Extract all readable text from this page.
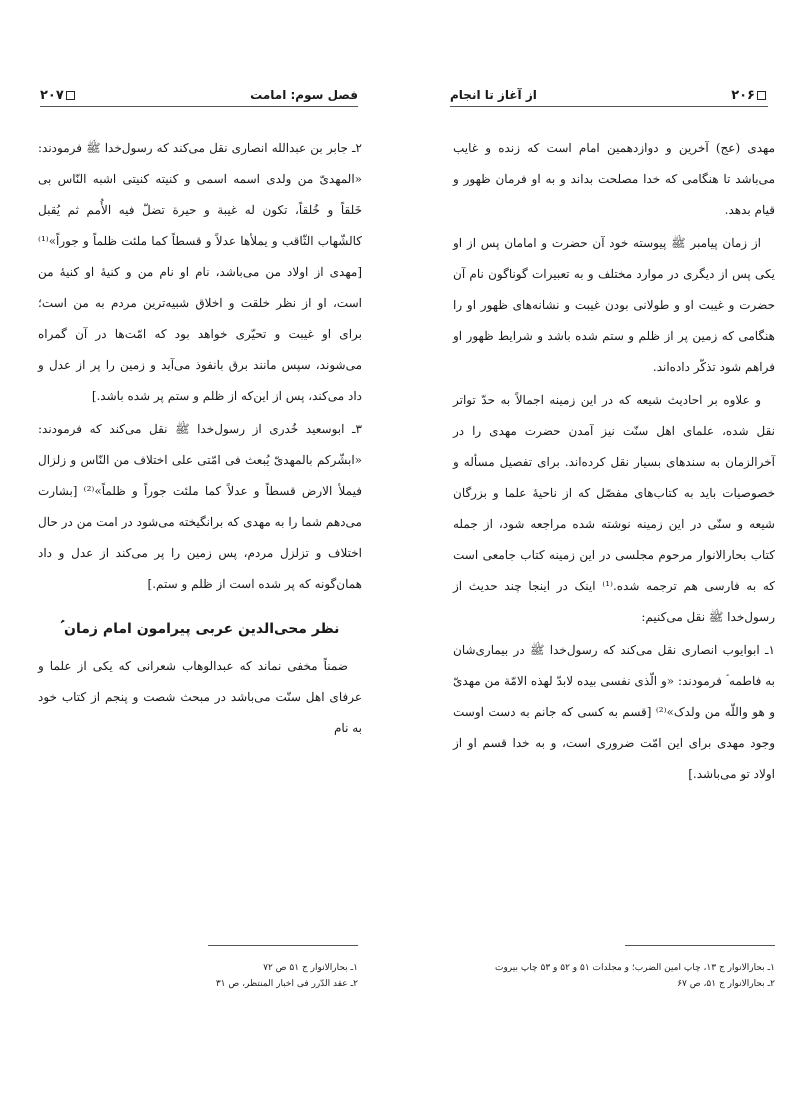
فصل سوم: امامت
۲۰۷

۲ـ جابر بن عبدالله انصاری نقل می‌کند که رسول‌خدا ﷺ فرمودند: «المهدیّ من ولدی اسمه اسمی و کنیته کنیتی اشبه النّاس بی خَلقاً و خُلقاً، تکون له غیبة و حیرة تضلّ فیه الأُمم ثم یُقبل کالشّهاب الثّاقب و یملأها عدلاً و قسطاً کما ملئت ظلماً و جوراً»⁽¹⁾ [مهدی از اولاد من می‌باشد، نام او نام من و کنیهٔ او کنیهٔ من است، او از نظر خلقت و اخلاق شبیه‌ترین مردم به من است؛ برای او غیبت و تحیّری خواهد بود که امّت‌ها در آن گمراه می‌شوند، سپس مانند برق بانفوذ می‌آید و زمین را پر از عدل و داد می‌کند، پس از این‌که از ظلم و ستم پر شده باشد.]

۳ـ ابوسعید خُدری از رسول‌خدا ﷺ نقل می‌کند که فرمودند: «ابشّرکم بالمهدیّ یُبعث فی امّتی علی اختلاف من النّاس و زلزال فیملأ الارض قسطاً و عدلاً کما ملئت جوراً و ظلماً»⁽²⁾ [بشارت می‌دهم شما را به مهدی که برانگیخته می‌شود در امت من در حال اختلاف و تزلزل مردم، پس زمین را پر می‌کند از عدل و داد همان‌گونه که پر شده است از ظلم و ستم.]

نظر محی‌الدین عربی پیرامون امام زمان ؑ

ضمناً مخفی نماند که عبدالوهاب شعرانی که یکی از علما و عرفای اهل سنّت می‌باشد در مبحث شصت و پنجم از کتاب خود به نام

۱ـ بحارالانوار ج ۵۱ ص ۷۲
۲ـ عقد الدّرر فی اخبار المنتظر، ص ۳۱
۲۰۶
از آغاز تا انجام

مهدی (عج) آخرین و دوازدهمین امام است که زنده و غایب می‌باشد تا هنگامی که خدا مصلحت بداند و به او فرمان ظهور و قیام بدهد.

از زمان پیامبر ﷺ پیوسته خود آن حضرت و امامان پس از او یکی پس از دیگری در موارد مختلف و به تعبیرات گوناگون نام آن حضرت و غیبت او و طولانی بودن غیبت و نشانه‌های ظهور او را هنگامی که زمین پر از ظلم و ستم شده باشد و شرایط ظهور او فراهم شود تذکّر داده‌اند.

و علاوه بر احادیث شیعه که در این زمینه اجمالاً به حدّ تواتر نقل شده، علمای اهل سنّت نیز آمدن حضرت مهدی را در آخرالزمان به سندهای بسیار نقل کرده‌اند. برای تفصیل مسأله و خصوصیات باید به کتاب‌های مفصّل که از ناحیهٔ علما و بزرگان شیعه و سنّی در این زمینه نوشته شده مراجعه شود، از جمله کتاب بحارالانوار مرحوم مجلسی در این زمینه کتاب جامعی است که به فارسی هم ترجمه شده.⁽¹⁾ اینک در اینجا چند حدیث از رسول‌خدا ﷺ نقل می‌کنیم:

۱ـ ابوایوب انصاری نقل می‌کند که رسول‌خدا ﷺ در بیماری‌شان به فاطمه ؑ فرمودند: «و الّذی نفسی بیده لابدّ لهذه الامّة من مهدیّ و هو واللّه من ولدک»⁽²⁾ [قسم به کسی که جانم به دست اوست وجود مهدی برای این امّت ضروری است، و به خدا قسم او از اولاد تو می‌باشد.]

۱ـ بحارالانوار ج ۱۳، چاپ امین الضرب؛ و مجلدات ۵۱ و ۵۲ و ۵۳ چاپ بیروت
۲ـ بحارالانوار ج ۵۱، ص ۶۷
